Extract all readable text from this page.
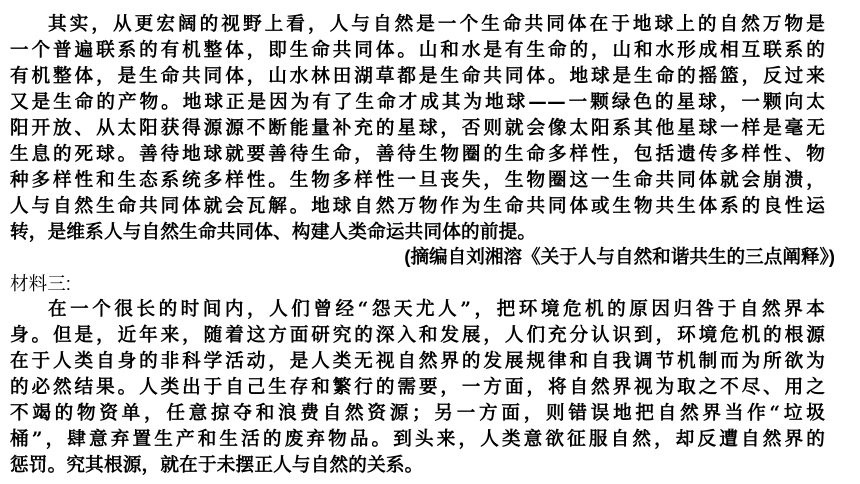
其实，从更宏阔的视野上看，人与自然是一个生命共同体在于地球上的自然万物是
一个普遍联系的有机整体，即生命共同体。山和水是有生命的，山和水形成相互联系的
有机整体，是生命共同体，山水林田湖草都是生命共同体。地球是生命的摇篮，反过来
又是生命的产物。地球正是因为有了生命才成其为地球——一颗绿色的星球，一颗向太
阳开放、从太阳获得源源不断能量补充的星球，否则就会像太阳系其他星球一样是毫无
生息的死球。善待地球就要善待生命，善待生物圈的生命多样性，包括遗传多样性、物
种多样性和生态系统多样性。生物多样性一旦丧失，生物圈这一生命共同体就会崩溃，
人与自然生命共同体就会瓦解。地球自然万物作为生命共同体或生物共生体系的良性运
转，是维系人与自然生命共同体、构建人类命运共同体的前提。
(摘编自刘湘溶《关于人与自然和谐共生的三点阐释》)
材料三:
在一个很长的时间内，人们曾经“怨天尤人”，把环境危机的原因归咎于自然界本
身。但是，近年来，随着这方面研究的深入和发展，人们充分认识到，环境危机的根源
在于人类自身的非科学活动，是人类无视自然界的发展规律和自我调节机制而为所欲为
的必然结果。人类出于自己生存和繁行的需要，一方面，将自然界视为取之不尽、用之
不竭的物资单，任意掠夺和浪费自然资源；另一方面，则错误地把自然界当作“垃圾
桶”，肆意弃置生产和生活的废弃物品。到头来，人类意欲征服自然，却反遭自然界的
惩罚。究其根源，就在于未摆正人与自然的关系。
